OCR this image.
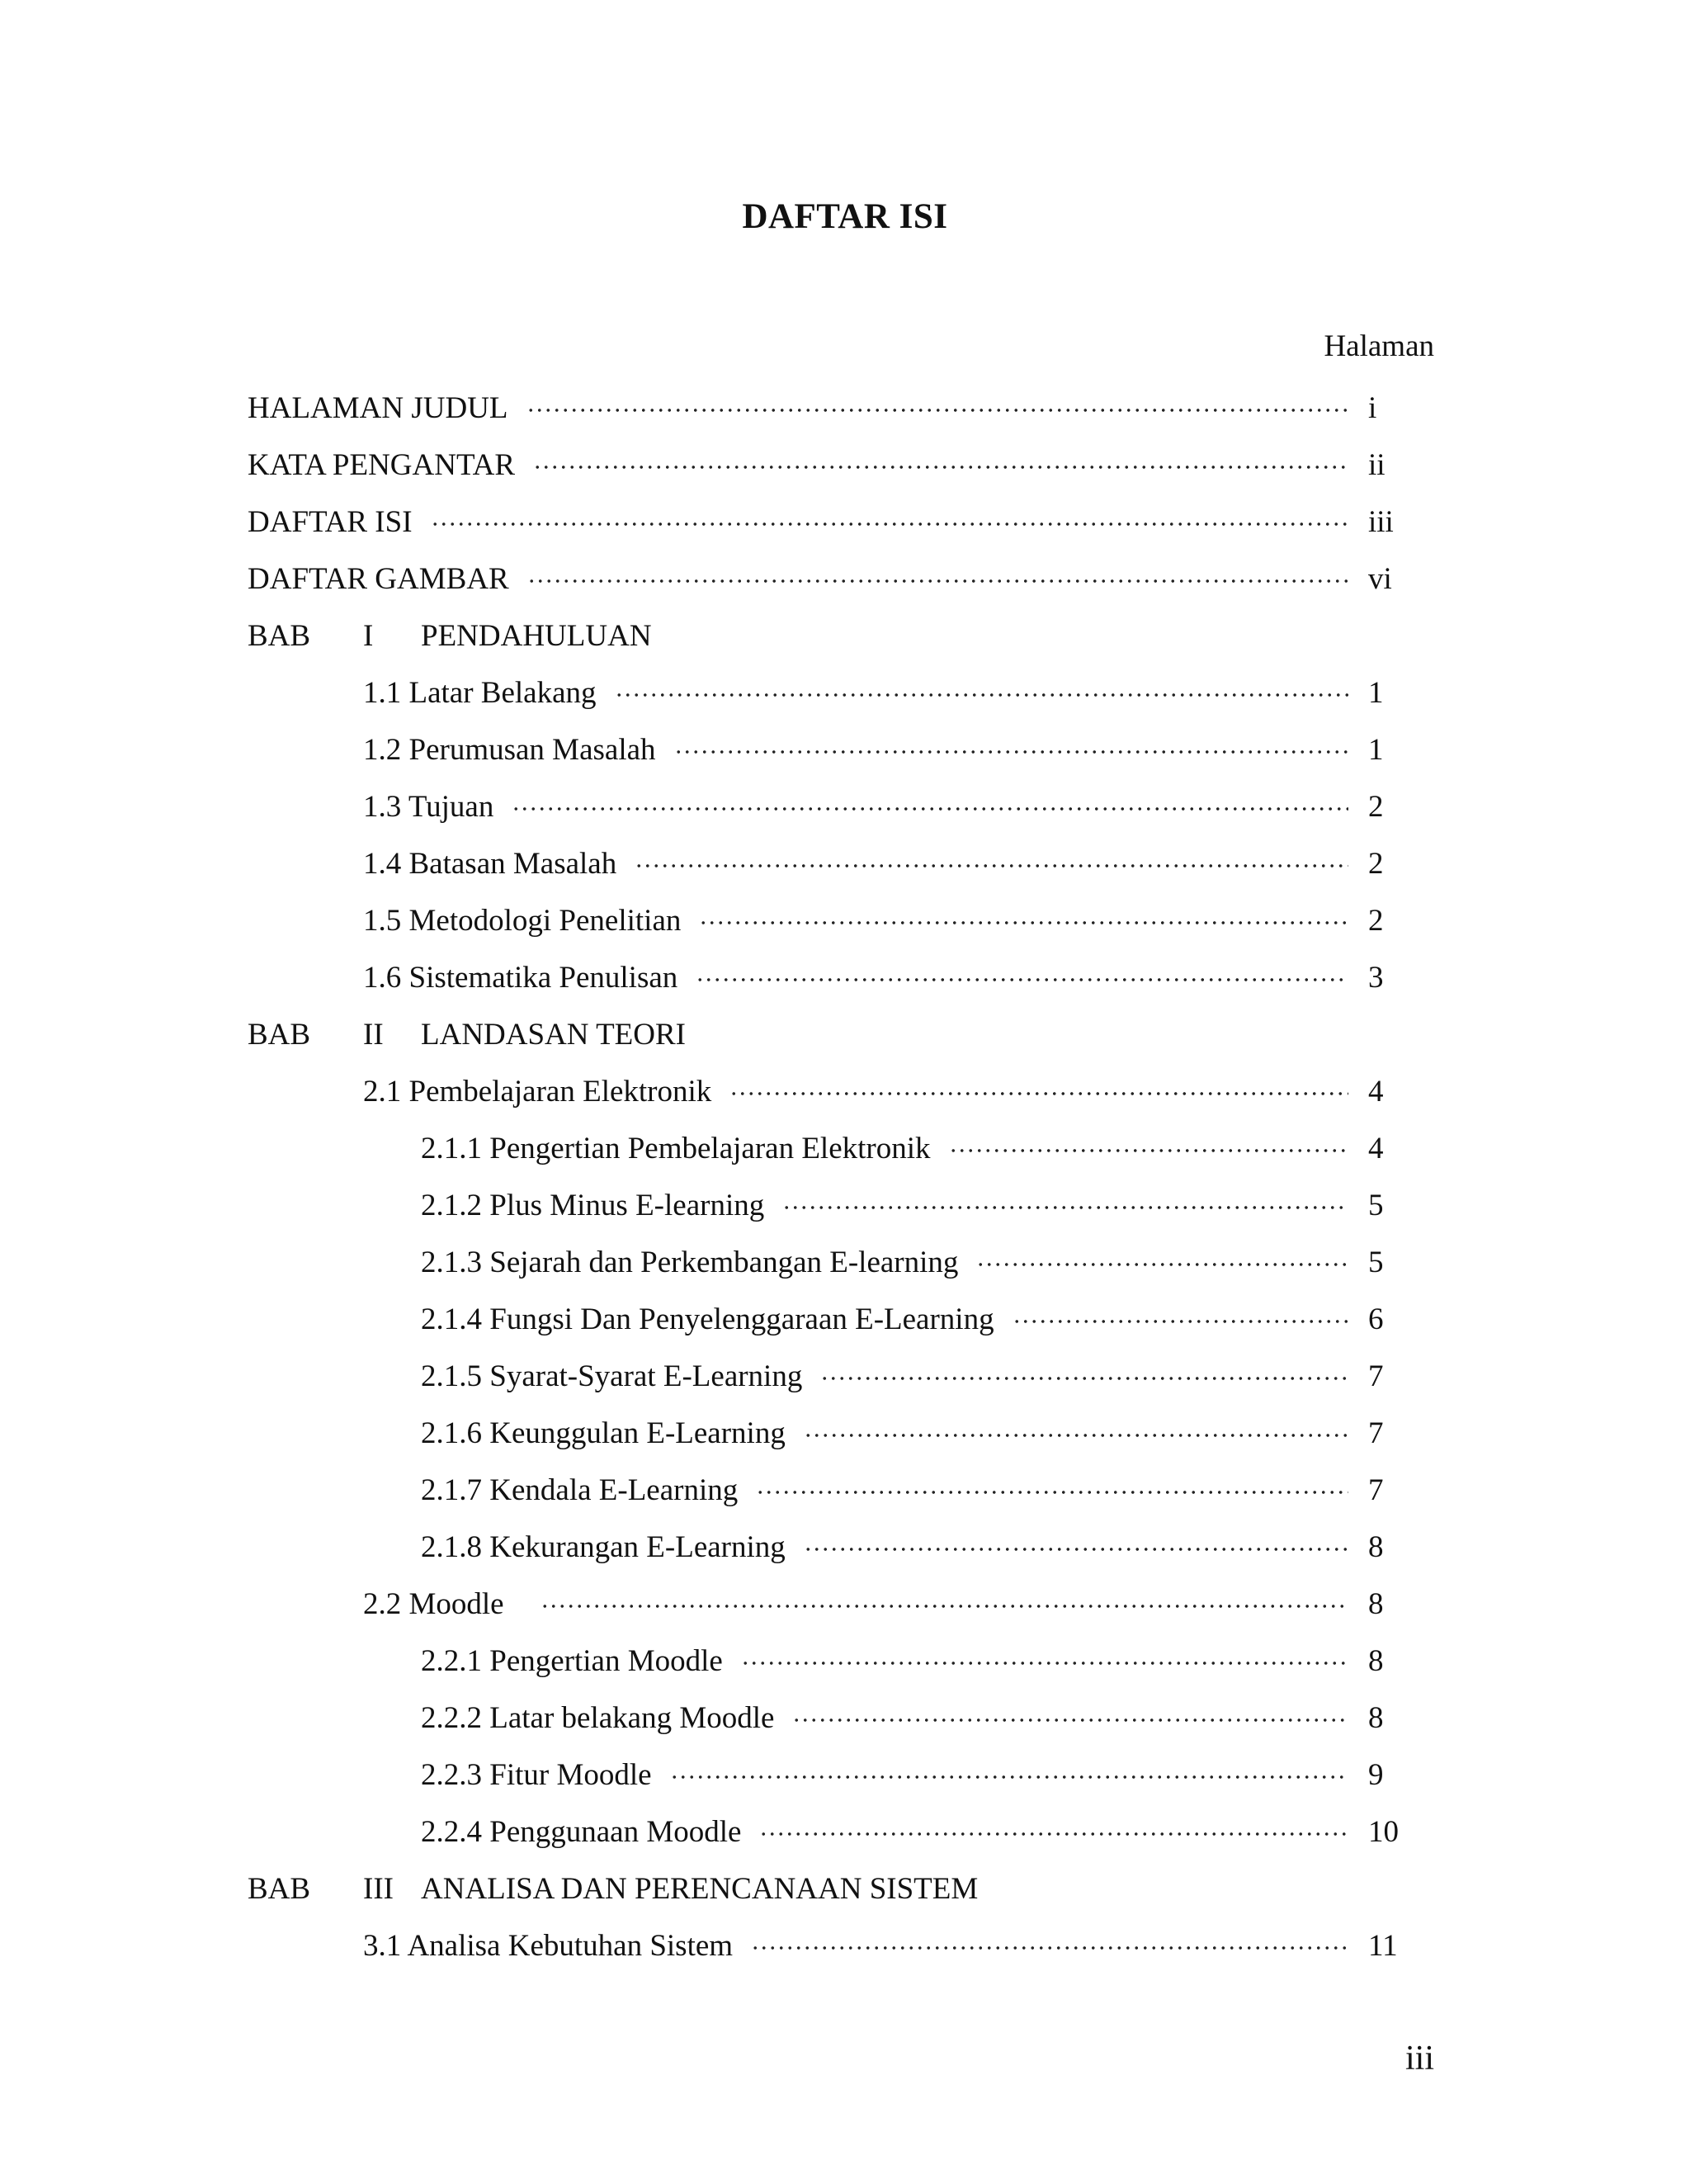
DAFTAR ISI
Halaman
HALAMAN JUDUL	i
KATA PENGANTAR	ii
DAFTAR ISI	iii
DAFTAR GAMBAR	vi
BAB	I	PENDAHULUAN
1.1 Latar Belakang	1
1.2 Perumusan Masalah	1
1.3 Tujuan	2
1.4 Batasan Masalah	2
1.5 Metodologi Penelitian	2
1.6 Sistematika Penulisan	3
BAB	II	LANDASAN TEORI
2.1 Pembelajaran Elektronik	4
2.1.1 Pengertian Pembelajaran Elektronik	4
2.1.2 Plus Minus E-learning	5
2.1.3 Sejarah dan Perkembangan E-learning	5
2.1.4 Fungsi Dan Penyelenggaraan E-Learning	6
2.1.5 Syarat-Syarat E-Learning	7
2.1.6 Keunggulan E-Learning	7
2.1.7 Kendala E-Learning	7
2.1.8 Kekurangan E-Learning	8
2.2 Moodle	8
2.2.1 Pengertian Moodle	8
2.2.2 Latar belakang Moodle	8
2.2.3 Fitur Moodle	9
2.2.4 Penggunaan Moodle	10
BAB	III ANALISA DAN PERENCANAAN SISTEM
3.1 Analisa Kebutuhan Sistem	11
iii
